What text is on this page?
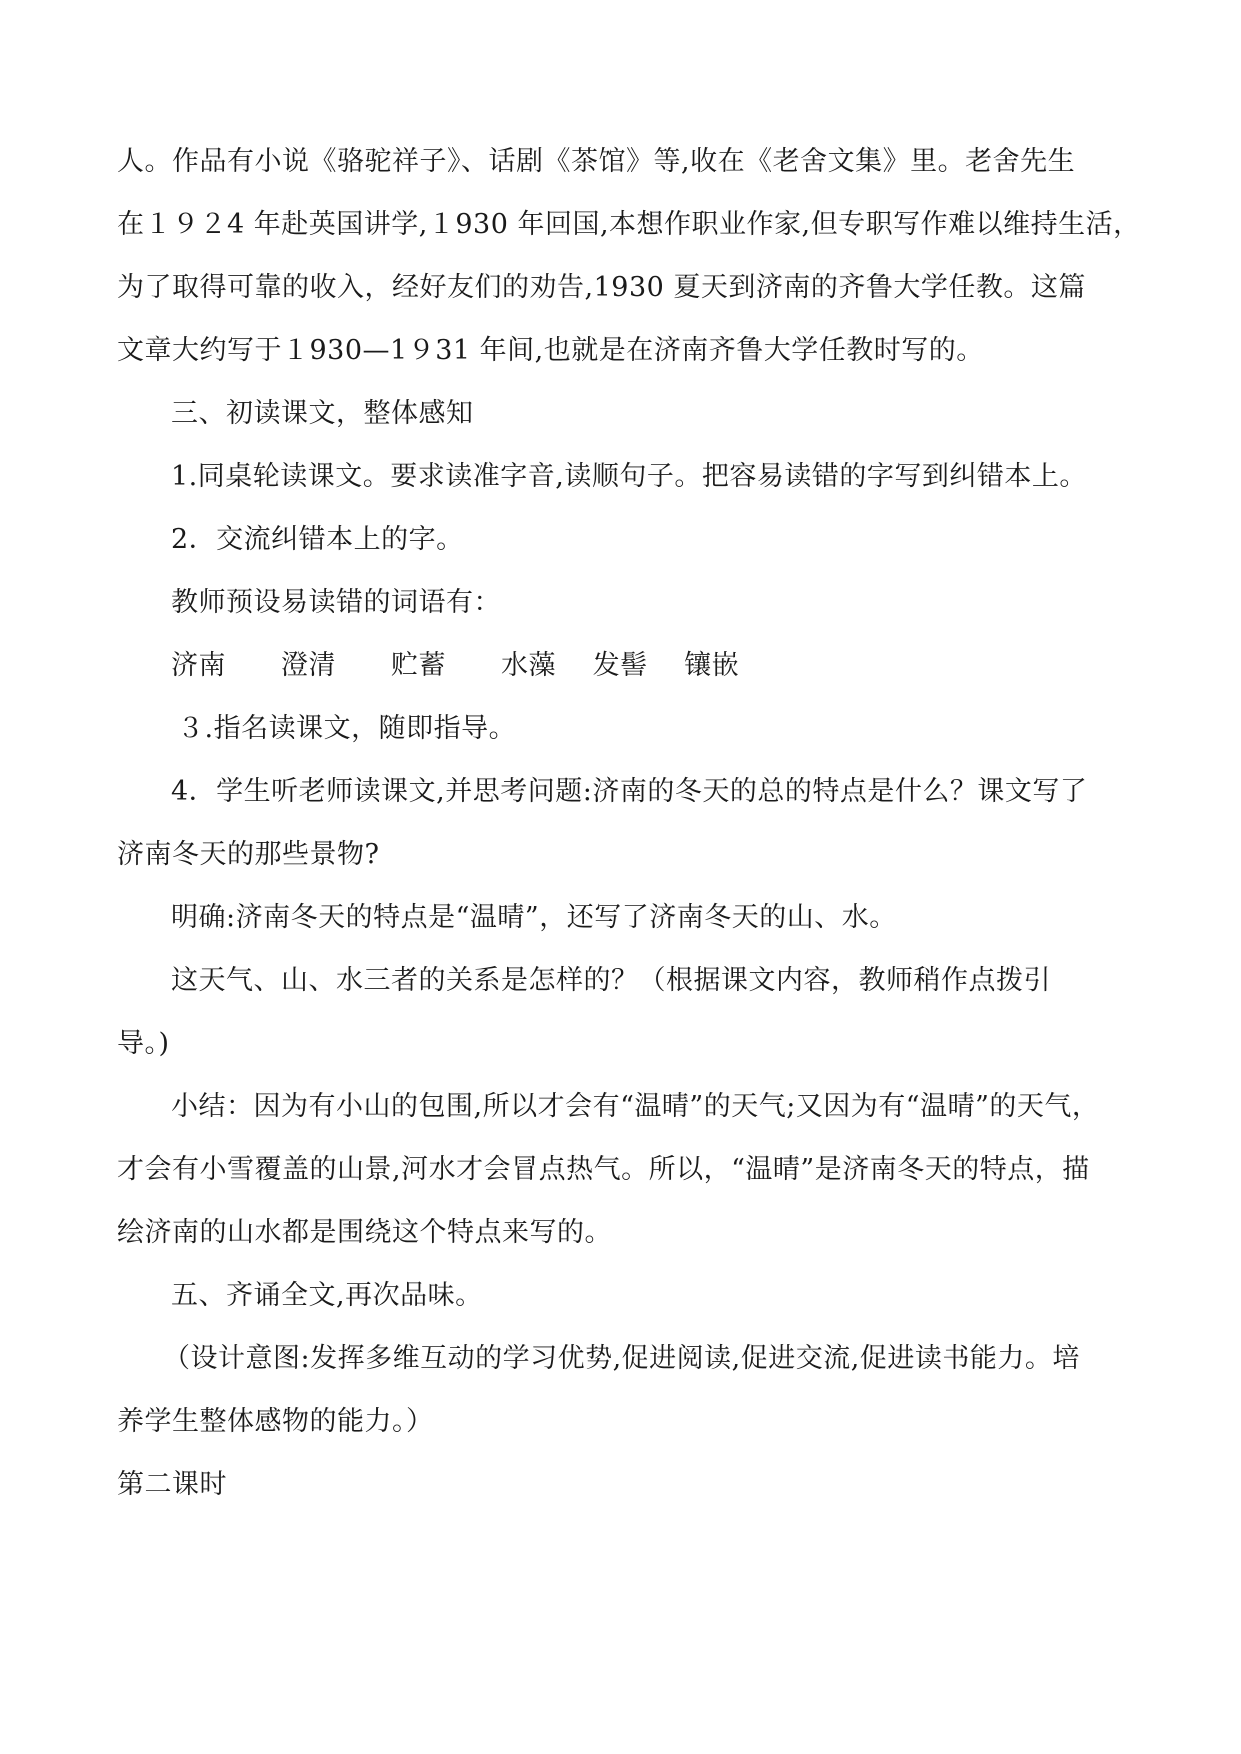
人。作品有小说《骆驼祥子》、话剧《茶馆》等,收在《老舍文集》里。老舍先生
在１９２4 年赴英国讲学,１930 年回国,本想作职业作家,但专职写作难以维持生活，
为了取得可靠的收入，经好友们的劝告,1930 夏天到济南的齐鲁大学任教。这篇
文章大约写于１930—1９31 年间,也就是在济南齐鲁大学任教时写的。
三、初读课文，整体感知
1.同桌轮读课文。要求读准字音,读顺句子。把容易读错的字写到纠错本上。
2．交流纠错本上的字。
教师预设易读错的词语有：
济南　　澄清　　贮蓄　　水藻　 发髻　 镶嵌
３.指名读课文，随即指导。
4．学生听老师读课文,并思考问题:济南的冬天的总的特点是什么？课文写了
济南冬天的那些景物?
明确:济南冬天的特点是“温晴”，还写了济南冬天的山、水。
这天气、山、水三者的关系是怎样的？（根据课文内容，教师稍作点拨引
导。)
小结：因为有小山的包围,所以才会有“温晴”的天气;又因为有“温晴”的天气，
才会有小雪覆盖的山景,河水才会冒点热气。所以，“温晴”是济南冬天的特点，描
绘济南的山水都是围绕这个特点来写的。
五、齐诵全文,再次品味。
（设计意图:发挥多维互动的学习优势,促进阅读,促进交流,促进读书能力。培
养学生整体感物的能力。）
第二课时
